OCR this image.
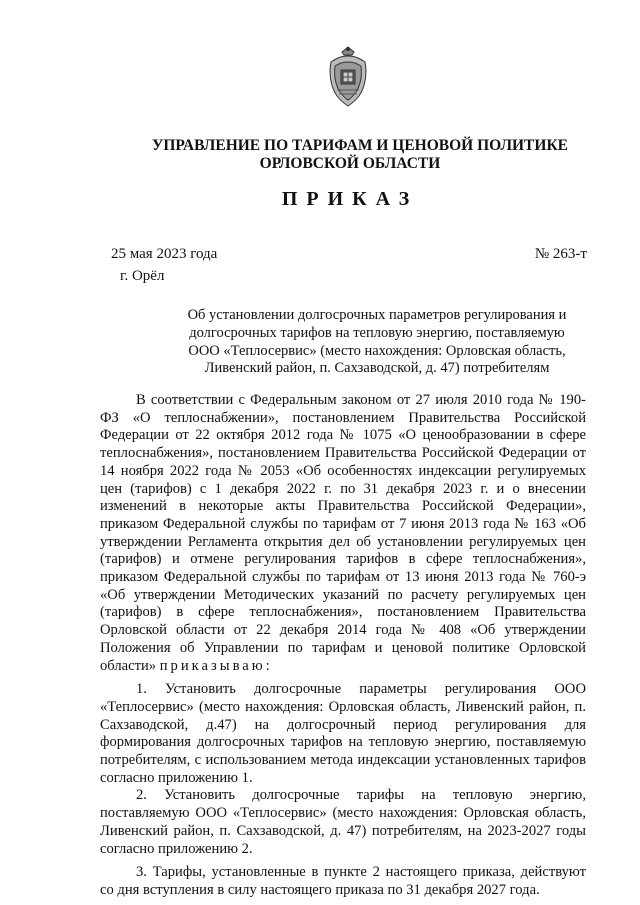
УПРАВЛЕНИЕ ПО ТАРИФАМ И ЦЕНОВОЙ ПОЛИТИКЕ
ОРЛОВСКОЙ ОБЛАСТИ
ПРИКАЗ
25 мая 2023 года	№ 263-т
г. Орёл
Об установлении долгосрочных параметров регулирования и
долгосрочных тарифов на тепловую энергию, поставляемую
ООО «Теплосервис» (место нахождения: Орловская область,
Ливенский район, п. Сахзаводской, д. 47) потребителям

В соответствии с Федеральным законом от 27 июля 2010 года № 190-ФЗ «О теплоснабжении», постановлением Правительства Российской Федерации от 22 октября 2012 года № 1075 «О ценообразовании в сфере теплоснабжения», постановлением Правительства Российской Федерации от 14 ноября 2022 года № 2053 «Об особенностях индексации регулируемых цен (тарифов) с 1 декабря 2022 г. по 31 декабря 2023 г. и о внесении изменений в некоторые акты Правительства Российской Федерации», приказом Федеральной службы по тарифам от 7 июня 2013 года № 163 «Об утверждении Регламента открытия дел об установлении регулируемых цен (тарифов) и отмене регулирования тарифов в сфере теплоснабжения», приказом Федеральной службы по тарифам от 13 июня 2013 года № 760-э «Об утверждении Методических указаний по расчету регулируемых цен (тарифов) в сфере теплоснабжения», постановлением Правительства Орловской области от 22 декабря 2014 года № 408 «Об утверждении Положения об Управлении по тарифам и ценовой политике Орловской области» приказываю:

1. Установить долгосрочные параметры регулирования ООО «Теплосервис» (место нахождения: Орловская область, Ливенский район, п. Сахзаводской, д.47) на долгосрочный период регулирования для формирования долгосрочных тарифов на тепловую энергию, поставляемую потребителям, с использованием метода индексации установленных тарифов согласно приложению 1.

2. Установить долгосрочные тарифы на тепловую энергию, поставляемую ООО «Теплосервис» (место нахождения: Орловская область, Ливенский район, п. Сахзаводской, д. 47) потребителям, на 2023-2027 годы согласно приложению 2.

3. Тарифы, установленные в пункте 2 настоящего приказа, действуют со дня вступления в силу настоящего приказа по 31 декабря 2027 года.
